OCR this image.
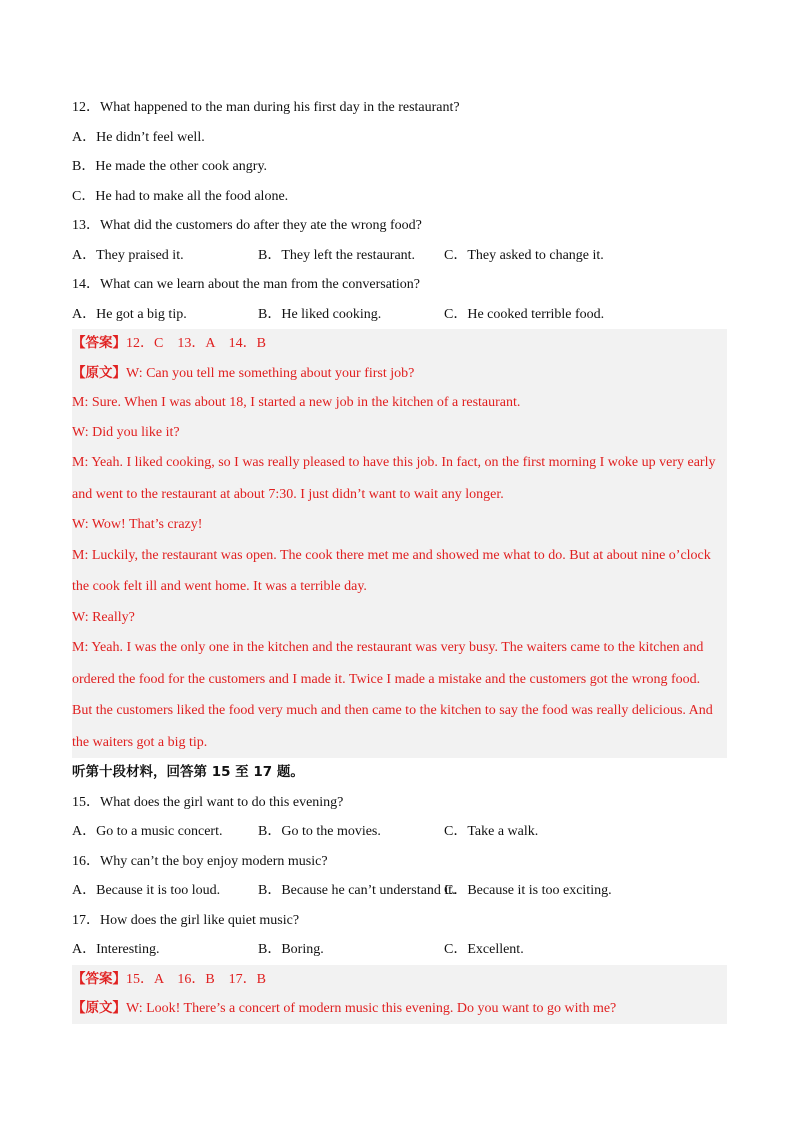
12．What happened to the man during his first day in the restaurant?
A．He didn’t feel well.
B．He made the other cook angry.
C．He had to make all the food alone.
13．What did the customers do after they ate the wrong food?
A．They praised it.	B．They left the restaurant. C．They asked to change it.
14．What can we learn about the man from the conversation?
A．He got a big tip.	B．He liked cooking.	C．He cooked terrible food.
【答案】12．C　13．A　14．B
【原文】W: Can you tell me something about your first job?
M: Sure. When I was about 18, I started a new job in the kitchen of a restaurant.
W: Did you like it?
M: Yeah. I liked cooking, so I was really pleased to have this job. In fact, on the first morning I woke up very early
and went to the restaurant at about 7:30. I just didn’t want to wait any longer.
W: Wow! That’s crazy!
M: Luckily, the restaurant was open. The cook there met me and showed me what to do. But at about nine o’clock
the cook felt ill and went home. It was a terrible day.
W: Really?
M: Yeah. I was the only one in the kitchen and the restaurant was very busy. The waiters came to the kitchen and
ordered the food for the customers and I made it. Twice I made a mistake and the customers got the wrong food.
But the customers liked the food very much and then came to the kitchen to say the food was really delicious. And
the waiters got a big tip.
听第十段材料，回答第 15 至 17 题。
15．What does the girl want to do this evening?
A．Go to a music concert.	B．Go to the movies.	C．Take a walk.
16．Why can’t the boy enjoy modern music?
A．Because it is too loud.	B．Because he can’t understand it.
C．Because it is too exciting.
17．How does the girl like quiet music?
A．Interesting.	B．Boring.	C．Excellent.
【答案】15．A　16．B　17．B
【原文】W: Look! There’s a concert of modern music this evening. Do you want to go with me?
